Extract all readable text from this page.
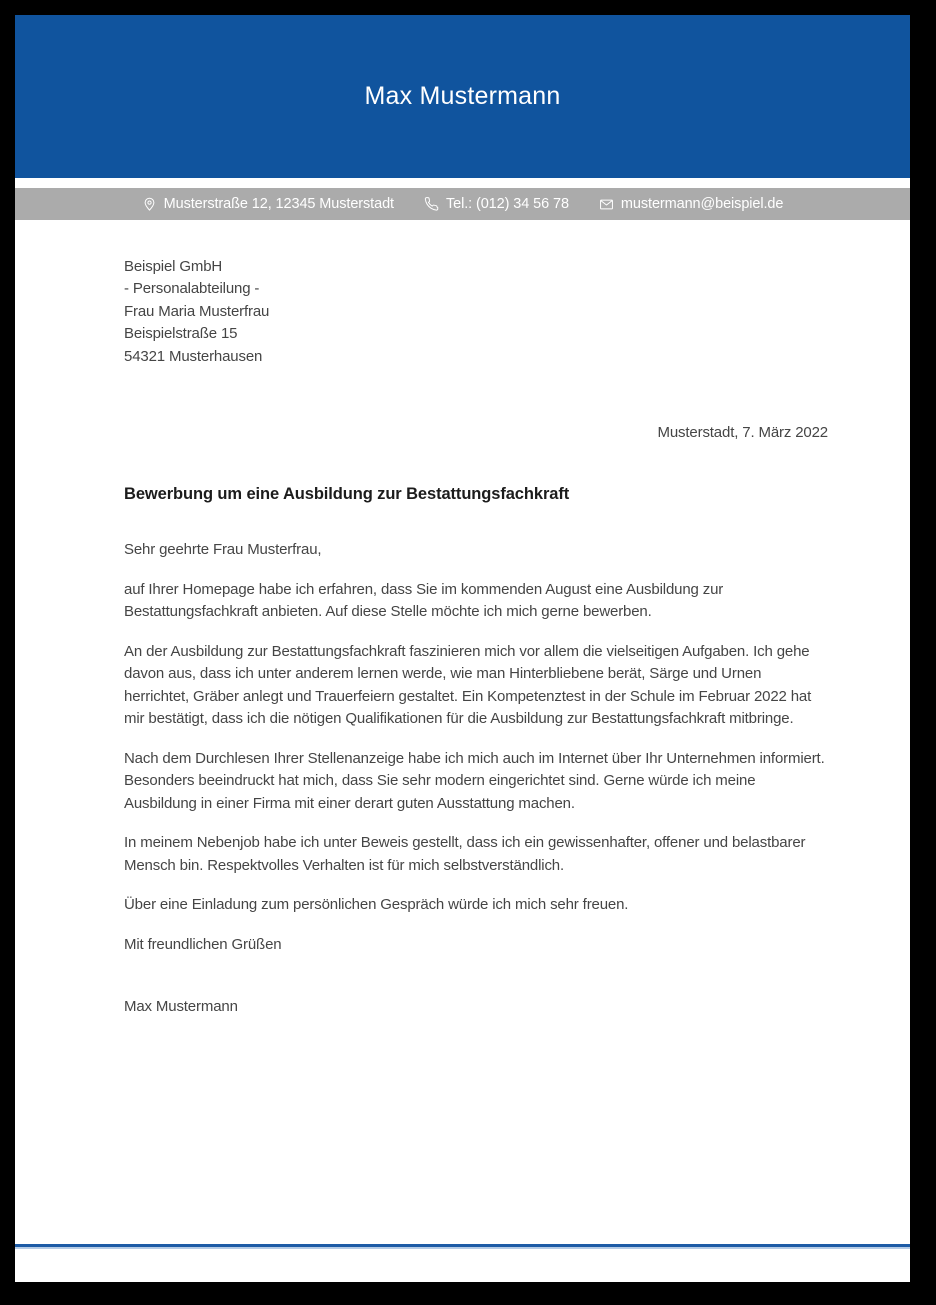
Max Mustermann
Musterstraße 12, 12345 Musterstadt	Tel.: (012) 34 56 78	mustermann@beispiel.de
Beispiel GmbH
- Personalabteilung -
Frau Maria Musterfrau
Beispielstraße 15
54321 Musterhausen
Musterstadt, 7. März 2022
Bewerbung um eine Ausbildung zur Bestattungsfachkraft

Sehr geehrte Frau Musterfrau,

auf Ihrer Homepage habe ich erfahren, dass Sie im kommenden August eine Ausbildung zur Bestattungsfachkraft anbieten. Auf diese Stelle möchte ich mich gerne bewerben.

An der Ausbildung zur Bestattungsfachkraft faszinieren mich vor allem die vielseitigen Aufgaben. Ich gehe davon aus, dass ich unter anderem lernen werde, wie man Hinterbliebene berät, Särge und Urnen herrichtet, Gräber anlegt und Trauerfeiern gestaltet. Ein Kompetenztest in der Schule im Februar 2022 hat mir bestätigt, dass ich die nötigen Qualifikationen für die Ausbildung zur Bestattungsfachkraft mitbringe.

Nach dem Durchlesen Ihrer Stellenanzeige habe ich mich auch im Internet über Ihr Unternehmen informiert. Besonders beeindruckt hat mich, dass Sie sehr modern eingerichtet sind. Gerne würde ich meine Ausbildung in einer Firma mit einer derart guten Ausstattung machen.

In meinem Nebenjob habe ich unter Beweis gestellt, dass ich ein gewissenhafter, offener und belastbarer Mensch bin. Respektvolles Verhalten ist für mich selbstverständlich.

Über eine Einladung zum persönlichen Gespräch würde ich mich sehr freuen.

Mit freundlichen Grüßen

Max Mustermann
